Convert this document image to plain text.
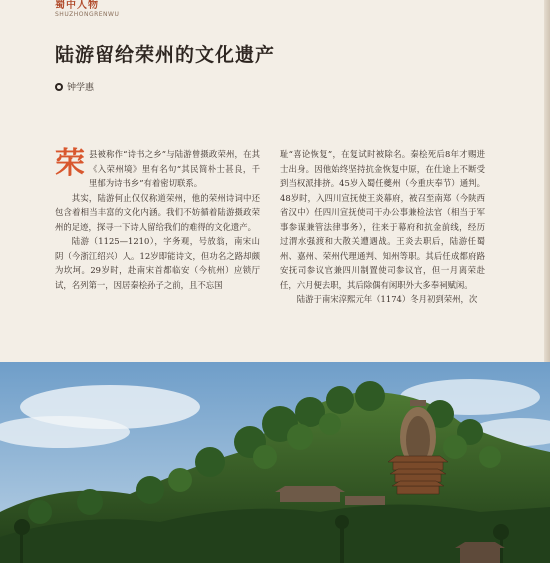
蜀中人物
SHUZHONGRENWU
陆游留给荣州的文化遗产
钟学惠

荣县被称作“诗书之乡”与陆游曾摄政荣州，在其《入荣州境》里有名句“其民简朴士甚良，千里郁为诗书乡”有着密切联系。

其实，陆游何止仅仅称道荣州，他的荣州诗词中还包含着相当丰富的文化内涵。我们不妨循着陆游摄政荣州的足迹，探寻一下诗人留给我们的难得的文化遗产。

陆游（1125—1210），字务观，号放翁，南宋山阴（今浙江绍兴）人。12岁即能诗文，但功名之路却颇为坎坷。29岁时，赴南宋首都临安（今杭州）应锁厅试，名列第一，因居秦桧孙子之前，且不忘国

耻“喜论恢复”，在复试时被除名。秦桧死后8年才赐进士出身。因他始终坚持抗金恢复中原，在仕途上不断受到当权派排挤。45岁入蜀任夔州（今重庆奉节）通判。48岁时，入四川宣抚使王炎幕府，被召至南郑（今陕西省汉中）任四川宣抚使司干办公事兼检法官（相当于军事参谋兼管法律事务），往来于幕府和抗金前线，经历过渭水强渡和大散关遭遇战。王炎去职后，陆游任蜀州、嘉州、荣州代理通判、知州等职。其后任成都府路安抚司参议官兼四川制置使司参议官，但一月离荣赴任，六月便去职，其后除偶有闲职外大多奉祠赋闲。

陆游于南宋淳熙元年（1174）冬月初到荣州，次
